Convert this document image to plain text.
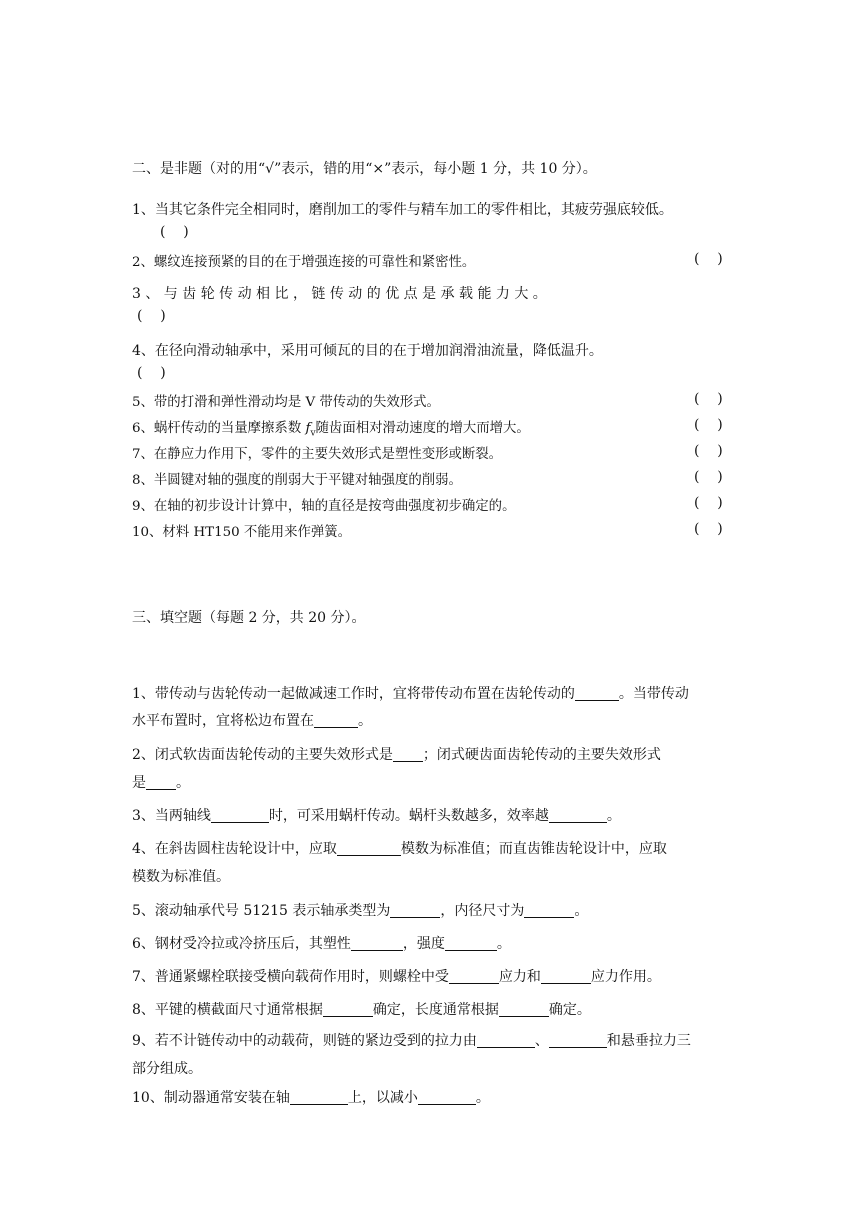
二、是非题（对的用“√”表示，错的用“×”表示，每小题 1 分，共 10 分）。
1、当其它条件完全相同时，磨削加工的零件与精车加工的零件相比，其疲劳强底较低。
(    )
2、螺纹连接预紧的目的在于增强连接的可靠性和紧密性。	(    )
3 、 与 齿 轮 传 动 相 比 ， 链 传 动 的 优 点 是 承 载 能 力 大 。
(    )
4、在径向滑动轴承中，采用可倾瓦的目的在于增加润滑油流量，降低温升。
(    )
5、带的打滑和弹性滑动均是 V 带传动的失效形式。	(    )
6、蜗杆传动的当量摩擦系数 $f_v$随齿面相对滑动速度的增大而增大。	(    )
7、在静应力作用下，零件的主要失效形式是塑性变形或断裂。	(    )
8、半圆键对轴的强度的削弱大于平键对轴强度的削弱。	(    )
9、在轴的初步设计计算中，轴的直径是按弯曲强度初步确定的。	(    )
10、材料 HT150 不能用来作弹簧。	(    )
三、填空题（每题 2 分，共 20 分）。
1、带传动与齿轮传动一起做减速工作时，宜将带传动布置在齿轮传动的	。当带传动
水平布置时，宜将松边布置在	。
2、闭式软齿面齿轮传动的主要失效形式是 ；闭式硬齿面齿轮传动的主要失效形式
是 。
3、当两轴线	时，可采用蜗杆传动。蜗杆头数越多，效率越	。
4、在斜齿圆柱齿轮设计中，应取	模数为标准值；而直齿锥齿轮设计中，应取
模数为标准值。
5、滚动轴承代号 51215 表示轴承类型为	，内径尺寸为	。
6、钢材受冷拉或冷挤压后，其塑性	，强度	。
7、普通紧螺栓联接受横向载荷作用时，则螺栓中受	应力和	应力作用。
8、平键的横截面尺寸通常根据	确定，长度通常根据	确定。
9、若不计链传动中的动载荷，则链的紧边受到的拉力由	、	和悬垂拉力三
部分组成。
10、制动器通常安装在轴	上，以减小	。
